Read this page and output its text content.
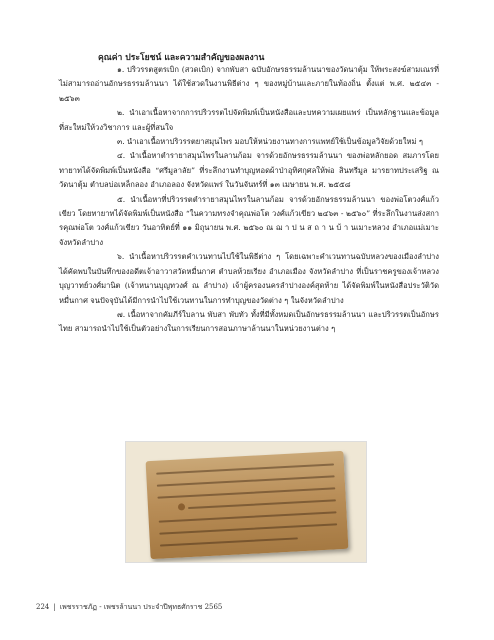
คุณค่า ประโยชน์ และความสำคัญของผลงาน

๑. ปริวรรตสูตรเบิก (สวดเบิก) จากพับสา ฉบับอักษรธรรมล้านนาของวัดนาตุ้ม ให้พระสงฆ์สามเณรที่ไม่สามารถอ่านอักษรธรรมล้านนา ได้ใช้สวดในงานพิธีต่าง ๆ ของหมู่บ้านและภายในท้องถิ่น ตั้งแต่ พ.ศ. ๒๕๔๓ - ๒๕๖๓

๒. นำเอาเนื้อหาจากการปริวรรตไปจัดพิมพ์เป็นหนังสือและบทความเผยแพร่ เป็นหลักฐานและข้อมูลที่สะใหม่ให้วงวิชาการ และผู้ที่สนใจ

๓. นำเอาเนื้อหาปริวรรตยาสมุนไพร มอบให้หน่วยงานทางการแพทย์ใช้เป็นข้อมูลวิจัยด้วยใหม่ ๆ

๔. นำเนื้อหาตำรายาสมุนไพรในลานก้อม จารด้วยอักษรธรรมล้านนา ของพ่อหลักยอด สมภารโดยทายาทได้จัดพิมพ์เป็นหนังสือ “ศรีมูลาลัย” ที่ระลึกงานทำบุญทอดผ้าป่าอุทิศกุศลให้พ่อ สินทรีมูล มารยาทประเสริฐ ณ วัดนาตุ้ม ตำบลบ่อเหล็กลอง อำเภอลอง จังหวัดแพร่ ในวันจันทร์ที่ ๑๓ เมษายน พ.ศ. ๒๕๕๘

๕. นำเนื้อหาที่ปริวรรตตำรายาสมุนไพรในลานก้อม จารด้วยอักษรธรรมล้านนา ของพ่อโตวงศ์แก้วเขียว โดยทายาทได้จัดพิมพ์เป็นหนังสือ “ในความทรงจำคุณพ่อโต วงศ์แก้วเขียว ๒๔๖๓ - ๒๕๖๐” ที่ระลึกในงานส่งสการคุณพ่อโต วงศ์แก้วเขียว วันอาทิตย์ที่ ๑๑ มิถุนายน พ.ศ. ๒๕๖๐ ณ ฌ า ป น ส ถ า น บ้ า นเมาะหลวง อำเภอแม่เมาะ จังหวัดลำปาง

๖. นำเนื้อหาปริวรรตคำเวนทานไปใช้ในพิธีต่าง ๆ โดยเฉพาะคำเวนทานฉบับหลวงของเมืองลำปาง ได้คัดพบในบันทึกของอดีตเจ้าอาวาสวัดหมื่นกาศ ตำบลห้วยเรียง อำเภอเมือง จังหวัดลำปาง ที่เป็นราชครูของเจ้าหลวงบุญวาทย์วงศ์มานิต (เจ้าหนานบุญทวงศ์ ณ ลำปาง) เจ้าผู้ครองนครลำปางองค์สุดท้าย ได้จัดพิมพ์ในหนังสือประวัติวัดหมื่นกาศ จนปัจจุบันได้มีการนำไปใช้เวนทานในการทำบุญของวัดต่าง ๆ ในจังหวัดลำปาง

๗. เนื้อหาจากคัมภีร์ใบลาน พับสา พับทัว ทั้งที่มีทั้งหมดเป็นอักษรธรรมล้านนา และปริวรรตเป็นอักษรไทย สามารถนำไปใช้เป็นตัวอย่างในการเรียนการสอนภาษาล้านนาในหน่วยงานต่าง ๆ

224 | เพชรราชภัฏ - เพชรล้านนา ประจำปีพุทธศักราช 2565
